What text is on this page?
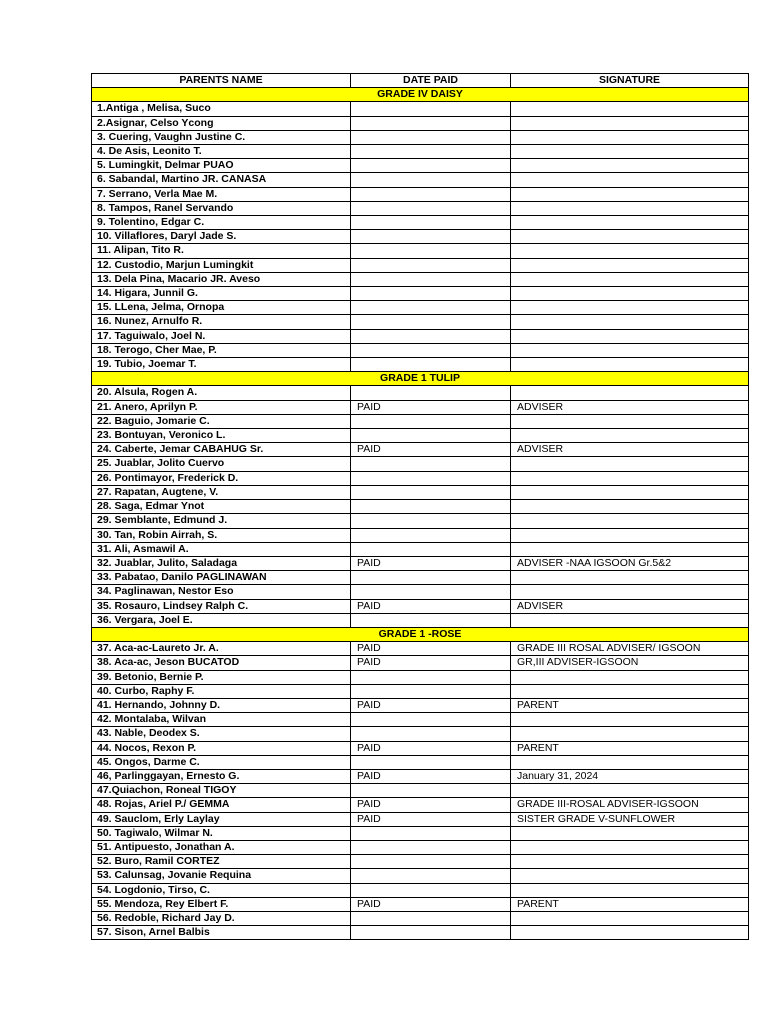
PARENTS NAME	DATE PAID	SIGNATURE
GRADE IV DAISY		
1.Antiga , Melisa, Suco		
2.Asignar, Celso Ycong		
3. Cuering, Vaughn Justine C.		
4. De Asis, Leonito T.		
5. Lumingkit, Delmar PUAO		
6. Sabandal, Martino JR. CANASA		
7. Serrano, Verla Mae M.		
8. Tampos, Ranel Servando		
9. Tolentino, Edgar C.		
10. Villaflores, Daryl Jade S.		
11. Alipan, Tito R.		
12. Custodio, Marjun Lumingkit		
13. Dela Pina, Macario JR. Aveso		
14. Higara, Junnil G.		
15. LLena, Jelma, Ornopa		
16. Nunez, Arnulfo R.		
17. Taguiwalo, Joel N.		
18. Terogo, Cher Mae, P.		
19. Tubio, Joemar T.		
GRADE 1 TULIP		
20. Alsula, Rogen A.		
21. Anero, Aprilyn P.	PAID	ADVISER
22. Baguio, Jomarie C.		
23. Bontuyan, Veronico L.		
24. Caberte, Jemar CABAHUG Sr.	PAID	ADVISER
25. Juablar, Jolito Cuervo		
26. Pontimayor, Frederick D.		
27. Rapatan, Augtene, V.		
28. Saga, Edmar Ynot		
29. Semblante, Edmund J.		
30. Tan, Robin Airrah, S.		
31. Ali, Asmawil A.		
32. Juablar, Julito, Saladaga	PAID	ADVISER -NAA IGSOON Gr.5&2
33. Pabatao, Danilo PAGLINAWAN		
34. Paglinawan, Nestor Eso		
35. Rosauro, Lindsey Ralph C.	PAID	ADVISER
36. Vergara, Joel E.		
GRADE 1 -ROSE		
37. Aca-ac-Laureto Jr. A.	PAID	GRADE III ROSAL ADVISER/ IGSOON
38. Aca-ac, Jeson BUCATOD	PAID	GR,III ADVISER-IGSOON
39. Betonio, Bernie P.		
40. Curbo, Raphy F.		
41. Hernando, Johnny D.	PAID	PARENT
42. Montalaba, Wilvan		
43. Nable, Deodex S.		
44. Nocos, Rexon P.	PAID	PARENT
45. Ongos, Darme C.		
46, Parlinggayan, Ernesto G.	PAID	January 31, 2024
47.Quiachon, Roneal TIGOY		
48. Rojas, Ariel P./ GEMMA	PAID	GRADE III-ROSAL ADVISER-IGSOON
49. Sauclom, Erly Laylay	PAID	SISTER GRADE V-SUNFLOWER
50. Tagiwalo, Wilmar N.		
51. Antipuesto, Jonathan A.		
52. Buro, Ramil CORTEZ		
53. Calunsag, Jovanie Requina		
54. Logdonio, Tirso, C.		
55. Mendoza, Rey Elbert F.	PAID	PARENT
56. Redoble, Richard Jay D.		
57. Sison, Arnel Balbis		
